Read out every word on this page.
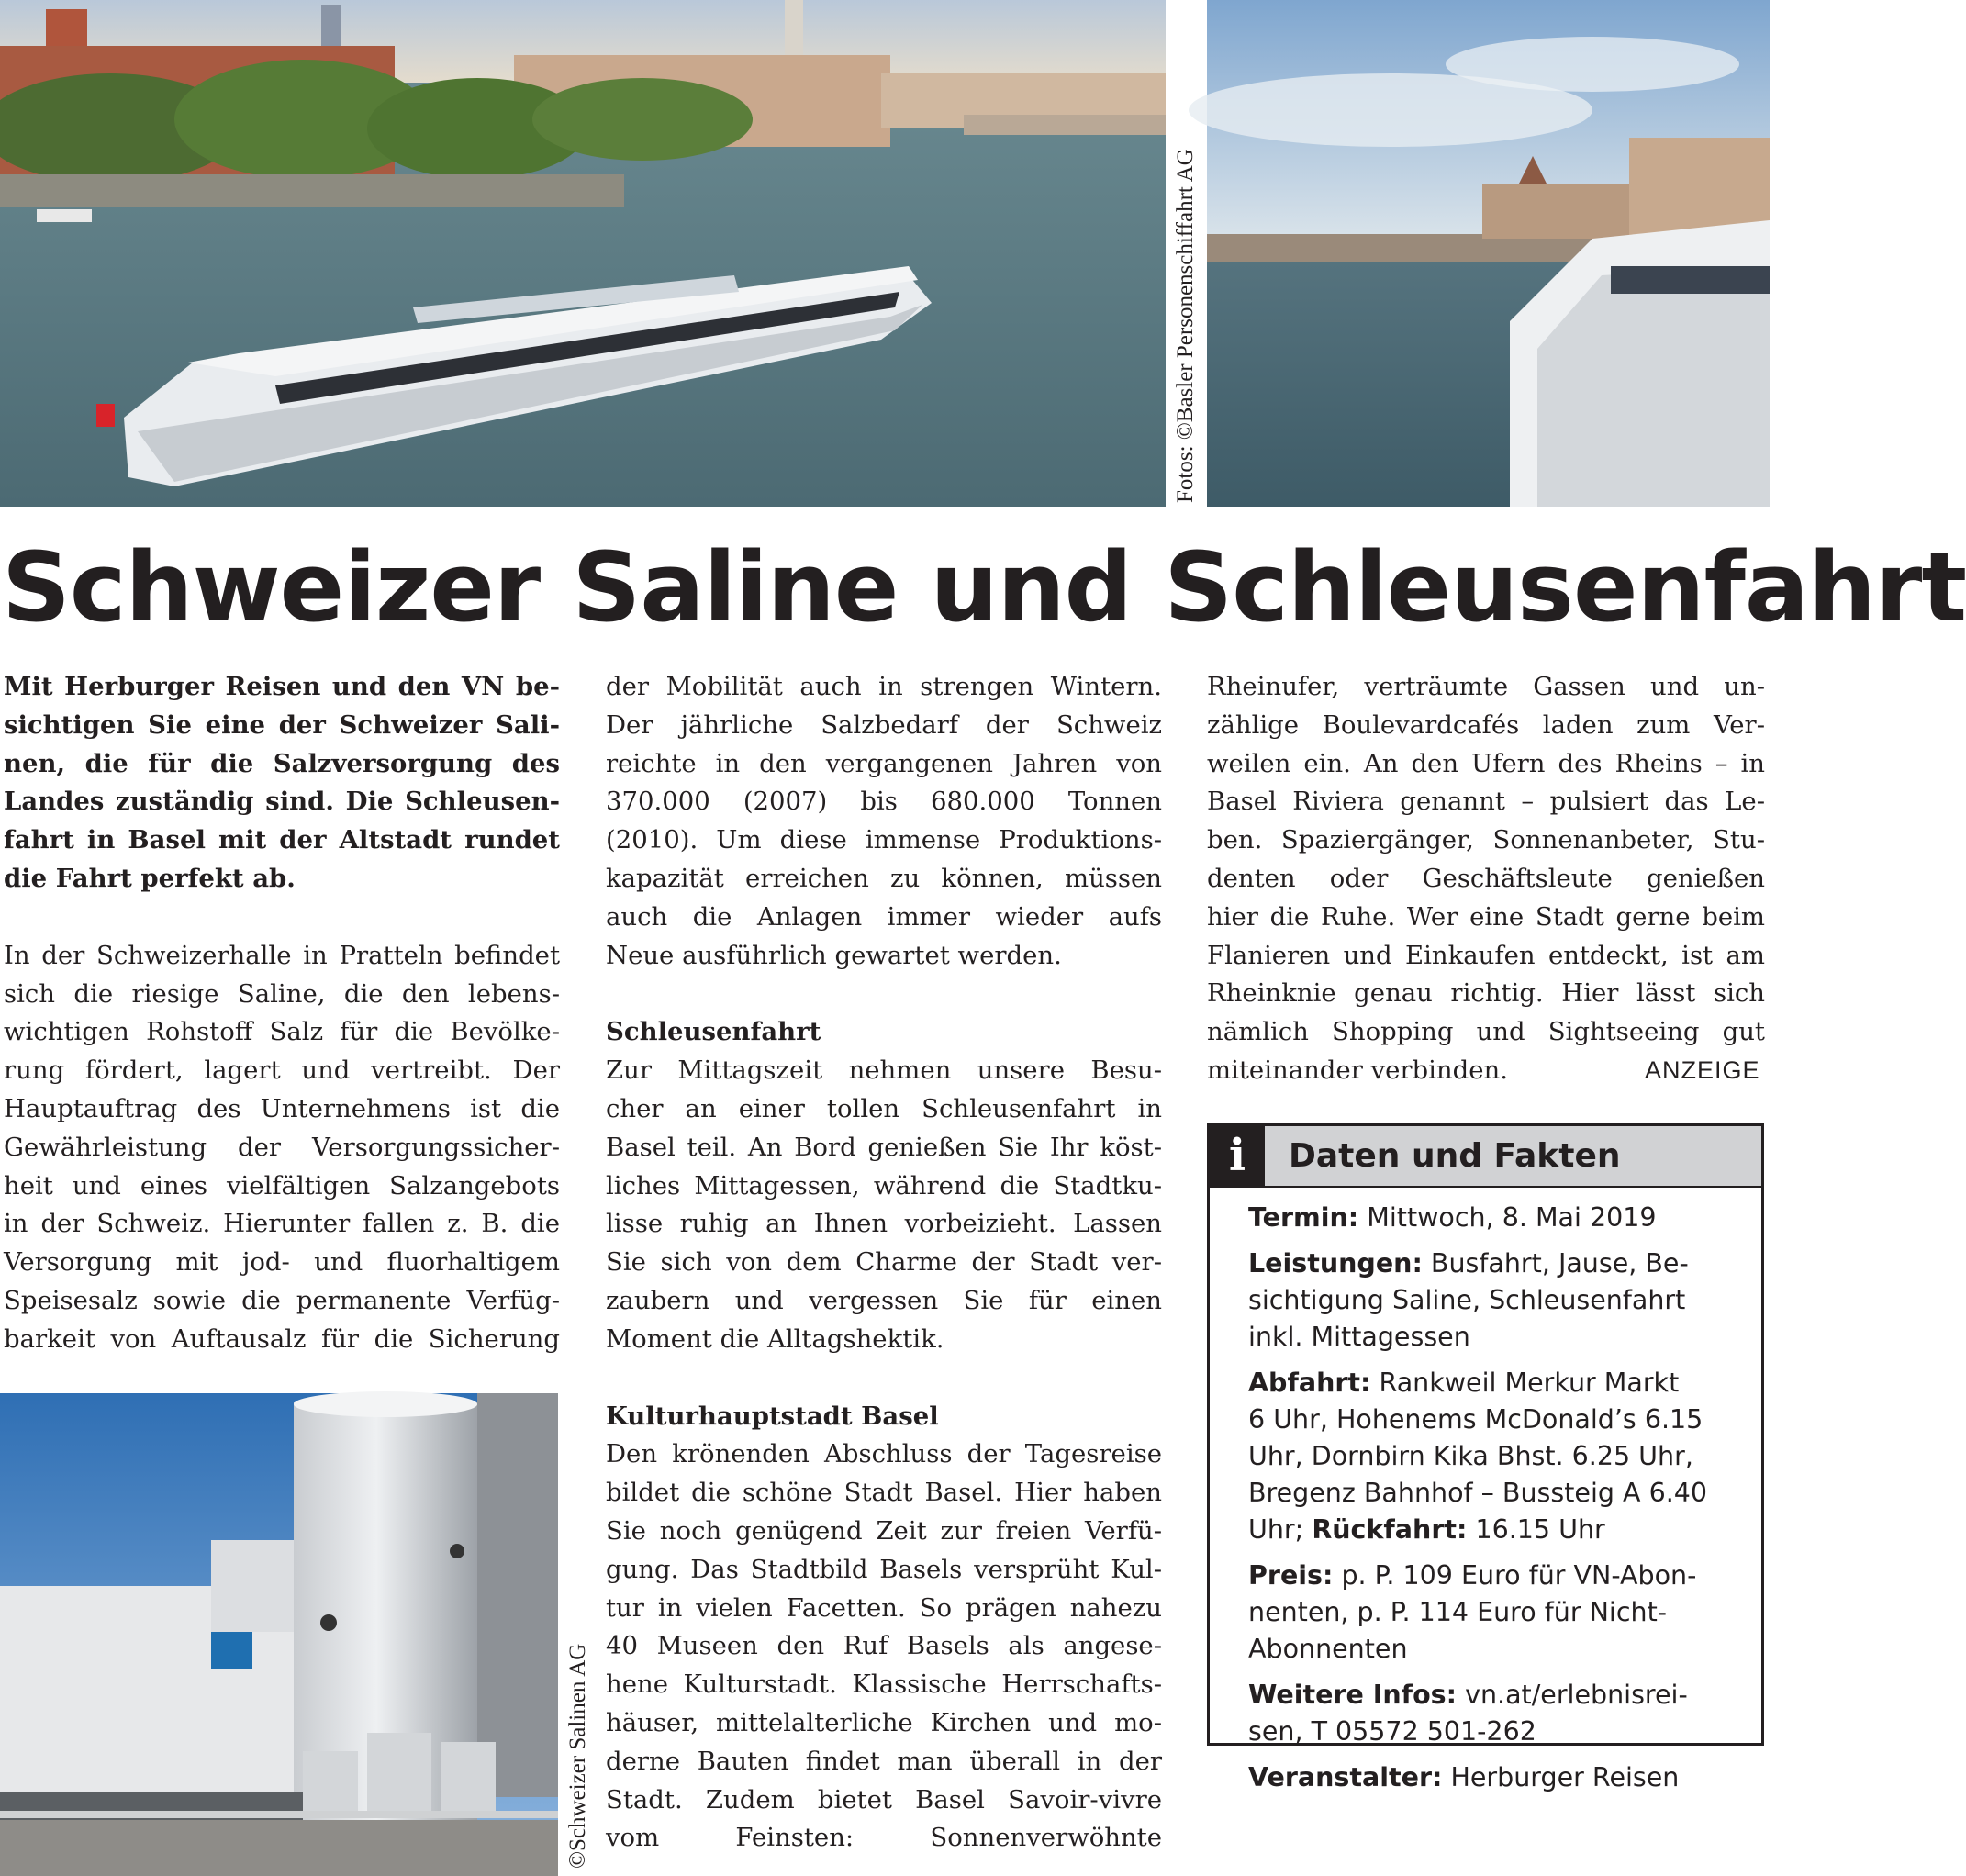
Fotos: ©Basler Personenschiffahrt AG
Schweizer Saline und Schleusenfahrt

Mit Herburger Reisen und den VN be-
sichtigen Sie eine der Schweizer Sali-
nen, die für die Salzversorgung des
Landes zuständig sind. Die Schleusen-
fahrt in Basel mit der Altstadt rundet
die Fahrt perfekt ab.

In der Schweizerhalle in Pratteln befindet
sich die riesige Saline, die den lebens-
wichtigen Rohstoff Salz für die Bevölke-
rung fördert, lagert und vertreibt. Der
Hauptauftrag des Unternehmens ist die
Gewährleistung der Versorgungssicher-
heit und eines vielfältigen Salzangebots
in der Schweiz. Hierunter fallen z. B. die
Versorgung mit jod- und fluorhaltigem
Speisesalz sowie die permanente Verfüg-
barkeit von Auftausalz für die Sicherung

©Schweizer Salinen AG

der Mobilität auch in strengen Wintern.
Der jährliche Salzbedarf der Schweiz
reichte in den vergangenen Jahren von
370.000 (2007) bis 680.000 Tonnen
(2010). Um diese immense Produktions-
kapazität erreichen zu können, müssen
auch die Anlagen immer wieder aufs
Neue ausführlich gewartet werden.

Schleusenfahrt

Zur Mittagszeit nehmen unsere Besu-
cher an einer tollen Schleusenfahrt in
Basel teil. An Bord genießen Sie Ihr köst-
liches Mittagessen, während die Stadtku-
lisse ruhig an Ihnen vorbeizieht. Lassen
Sie sich von dem Charme der Stadt ver-
zaubern und vergessen Sie für einen
Moment die Alltagshektik.

Kulturhauptstadt Basel

Den krönenden Abschluss der Tagesreise
bildet die schöne Stadt Basel. Hier haben
Sie noch genügend Zeit zur freien Verfü-
gung. Das Stadtbild Basels versprüht Kul-
tur in vielen Facetten. So prägen nahezu
40 Museen den Ruf Basels als angese-
hene Kulturstadt. Klassische Herrschafts-
häuser, mittelalterliche Kirchen und mo-
derne Bauten findet man überall in der
Stadt. Zudem bietet Basel Savoir-vivre
vom Feinsten: Sonnenverwöhnte

Rheinufer, verträumte Gassen und un-
zählige Boulevardcafés laden zum Ver-
weilen ein. An den Ufern des Rheins – in
Basel Riviera genannt – pulsiert das Le-
ben. Spaziergänger, Sonnenanbeter, Stu-
denten oder Geschäftsleute genießen
hier die Ruhe. Wer eine Stadt gerne beim
Flanieren und Einkaufen entdeckt, ist am
Rheinknie genau richtig. Hier lässt sich
nämlich Shopping und Sightseeing gut
miteinander verbinden.	ANZEIGE
i	Daten und Fakten
Termin: Mittwoch, 8. Mai 2019
Leistungen: Busfahrt, Jause, Be-
sichtigung Saline, Schleusenfahrt
inkl. Mittagessen
Abfahrt: Rankweil Merkur Markt
6 Uhr, Hohenems McDonald’s 6.15
Uhr, Dornbirn Kika Bhst. 6.25 Uhr,
Bregenz Bahnhof – Bussteig A 6.40
Uhr; Rückfahrt: 16.15 Uhr
Preis: p. P. 109 Euro für VN-Abon-
nenten, p. P. 114 Euro für Nicht-
Abonnenten
Weitere Infos: vn.at/erlebnisrei-
sen, T 05572 501-262
Veranstalter: Herburger Reisen
